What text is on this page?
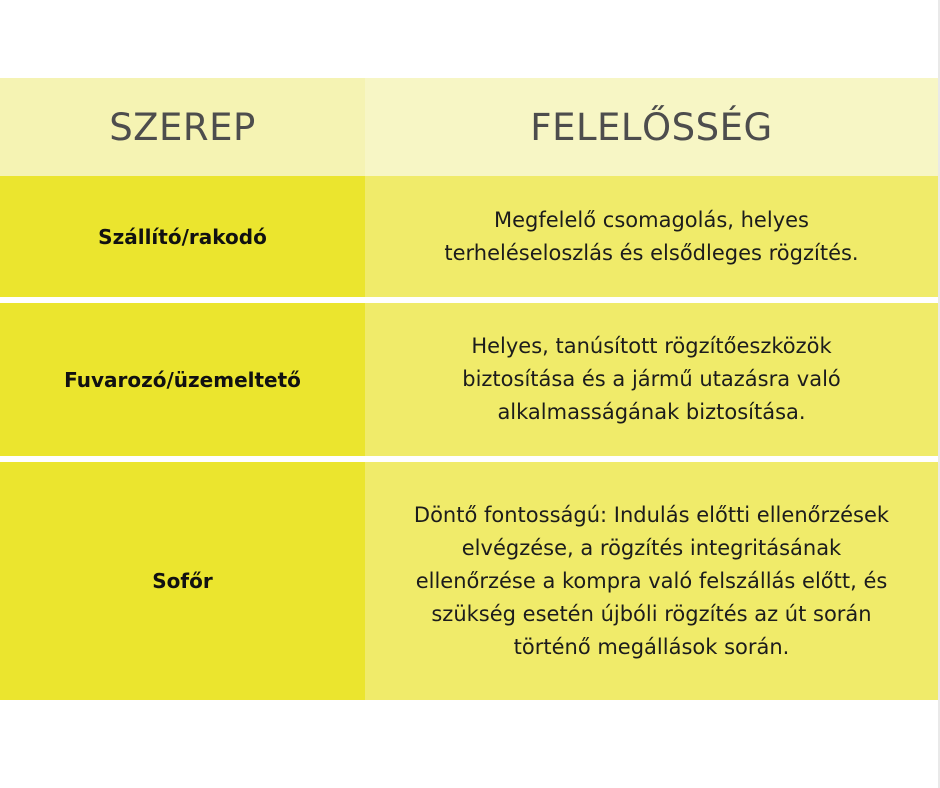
SZEREP	FELELŐSSÉG
Szállító/rakodó
Megfelelő csomagolás, helyes terheléseloszlás és elsődleges rögzítés.
Fuvarozó/üzemeltető
Helyes, tanúsított rögzítőeszközök biztosítása és a jármű utazásra való alkalmasságának biztosítása.
Sofőr
Döntő fontosságú: Indulás előtti ellenőrzések elvégzése, a rögzítés integritásának ellenőrzése a kompra való felszállás előtt, és szükség esetén újbóli rögzítés az út során történő megállások során.
